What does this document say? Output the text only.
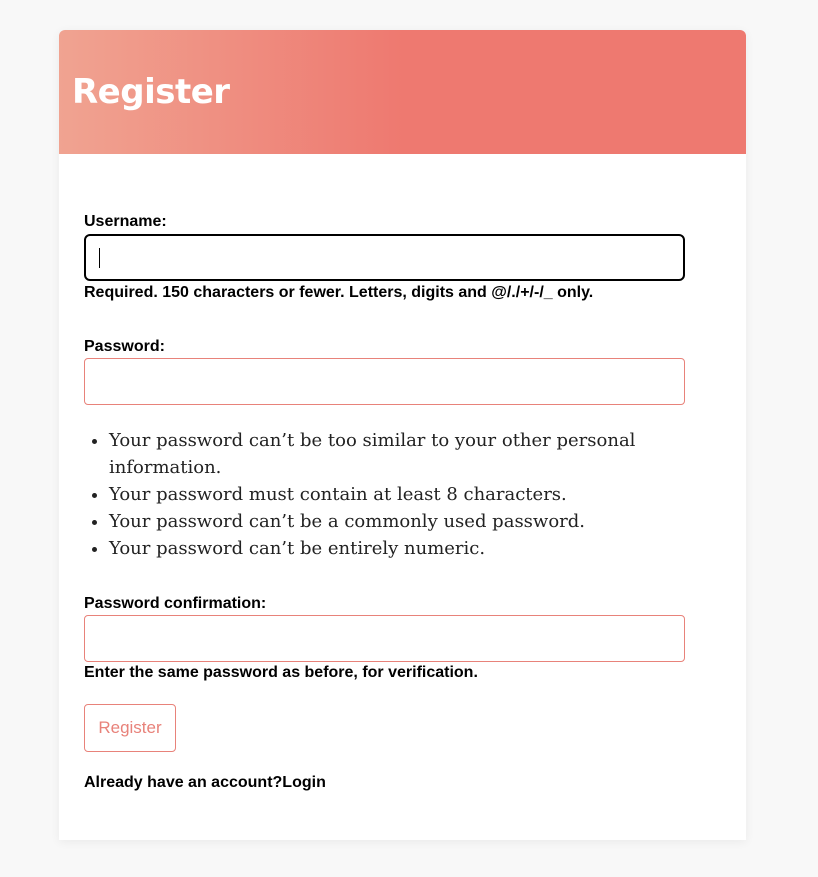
Register
Username:
Required. 150 characters or fewer. Letters, digits and @/./+/-/_ only.
Password:
• Your password can’t be too similar to your other personal information.
• Your password must contain at least 8 characters.
• Your password can’t be a commonly used password.
• Your password can’t be entirely numeric.
Password confirmation:
Enter the same password as before, for verification.
Register
Already have an account?Login
